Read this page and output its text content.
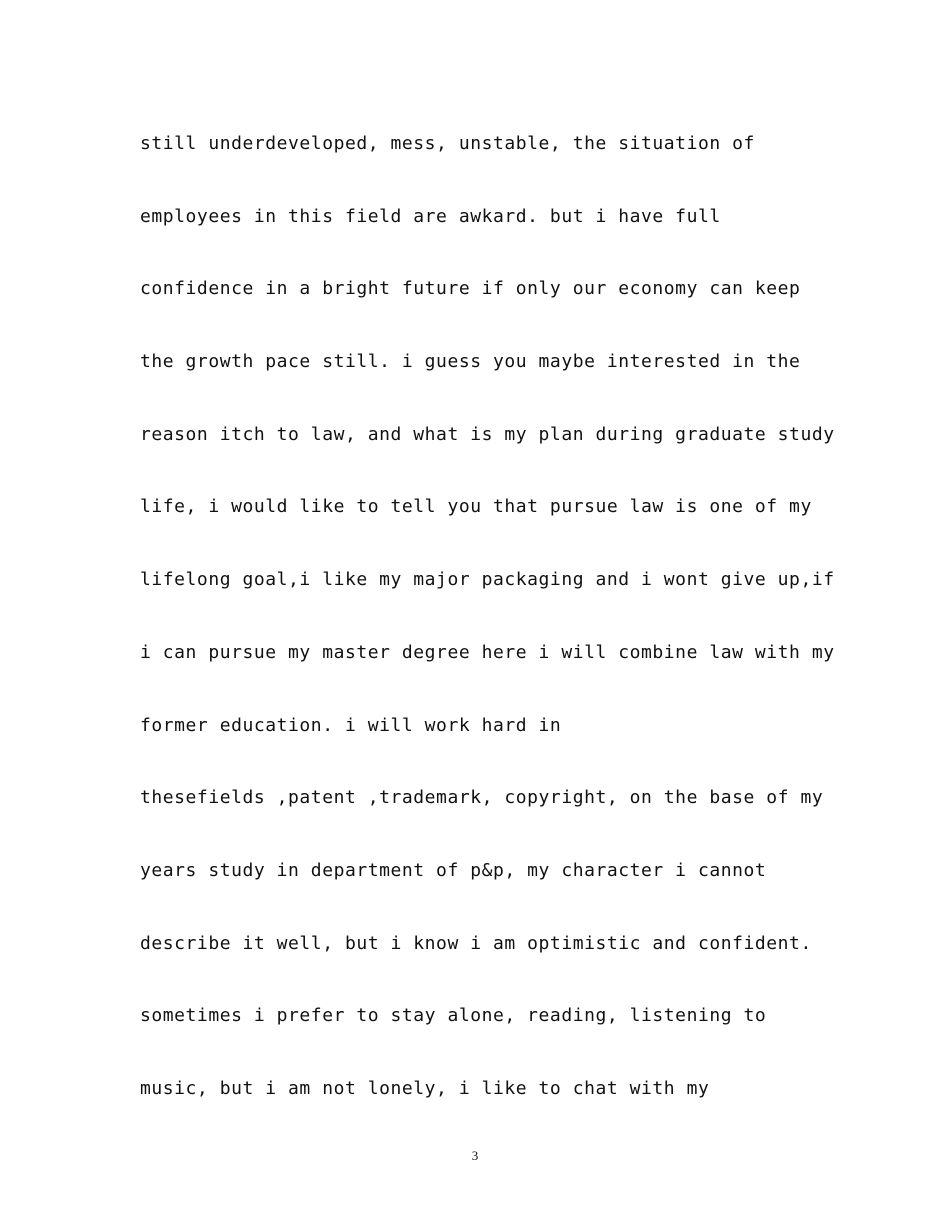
still underdeveloped, mess, unstable, the situation of
employees in this field are awkard. but i have full
confidence in a bright future if only our economy can keep
the growth pace still. i guess you maybe interested in the
reason itch to law, and what is my plan during graduate study
life, i would like to tell you that pursue law is one of my
lifelong goal,i like my major packaging and i wont give up,if
i can pursue my master degree here i will combine law with my
former education. i will work hard in
thesefields ,patent ,trademark, copyright, on the base of my
years study in department of p&p, my character i cannot
describe it well, but i know i am optimistic and confident.
sometimes i prefer to stay alone, reading, listening to
music, but i am not lonely, i like to chat with my
3
